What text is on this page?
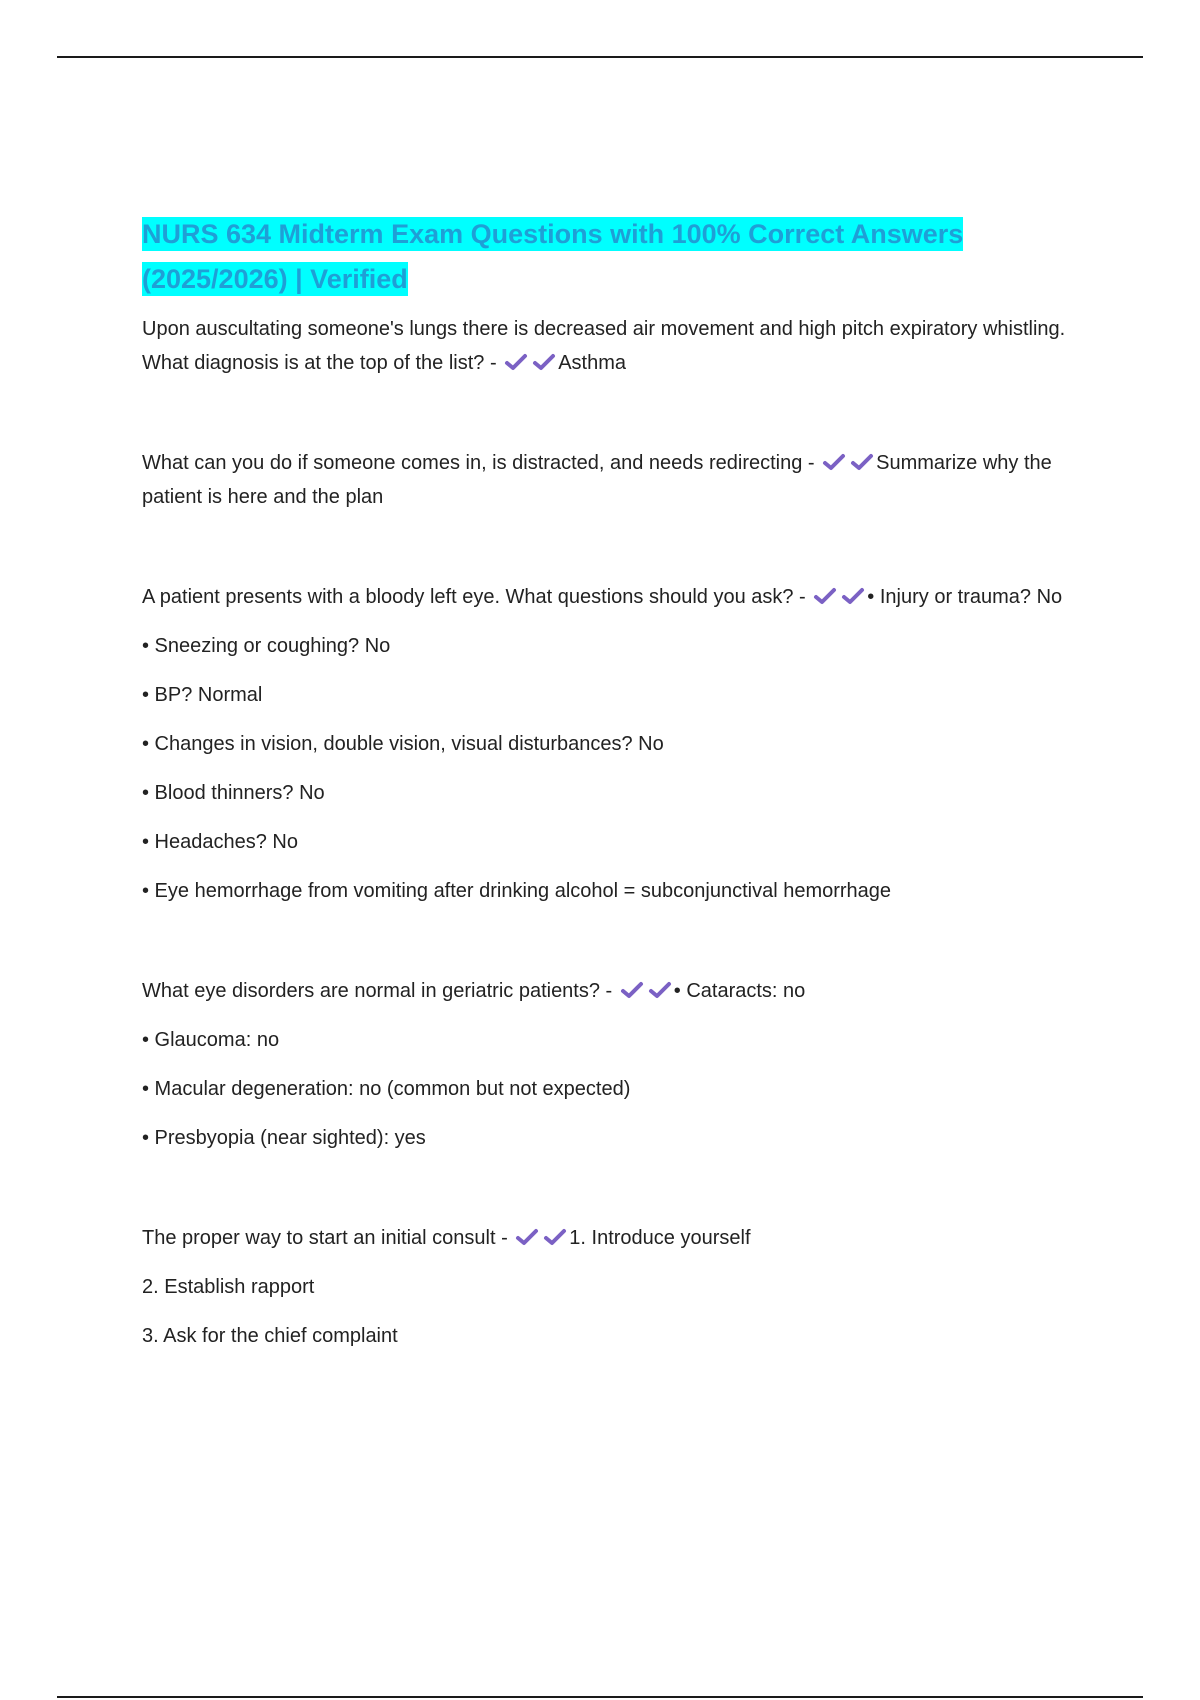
NURS 634 Midterm Exam Questions with 100% Correct Answers
(2025/2026) | Verified

Upon auscultating someone's lungs there is decreased air movement and high pitch expiratory whistling. What diagnosis is at the top of the list? -	Asthma

What can you do if someone comes in, is distracted, and needs redirecting -	Summarize why the patient is here and the plan

A patient presents with a bloody left eye. What questions should you ask? -	• Injury or trauma? No

• Sneezing or coughing? No

• BP? Normal

• Changes in vision, double vision, visual disturbances? No

• Blood thinners? No

• Headaches? No

• Eye hemorrhage from vomiting after drinking alcohol = subconjunctival hemorrhage

What eye disorders are normal in geriatric patients? -	• Cataracts: no

• Glaucoma: no

• Macular degeneration: no (common but not expected)

• Presbyopia (near sighted): yes

The proper way to start an initial consult -	1. Introduce yourself

2. Establish rapport

3. Ask for the chief complaint
